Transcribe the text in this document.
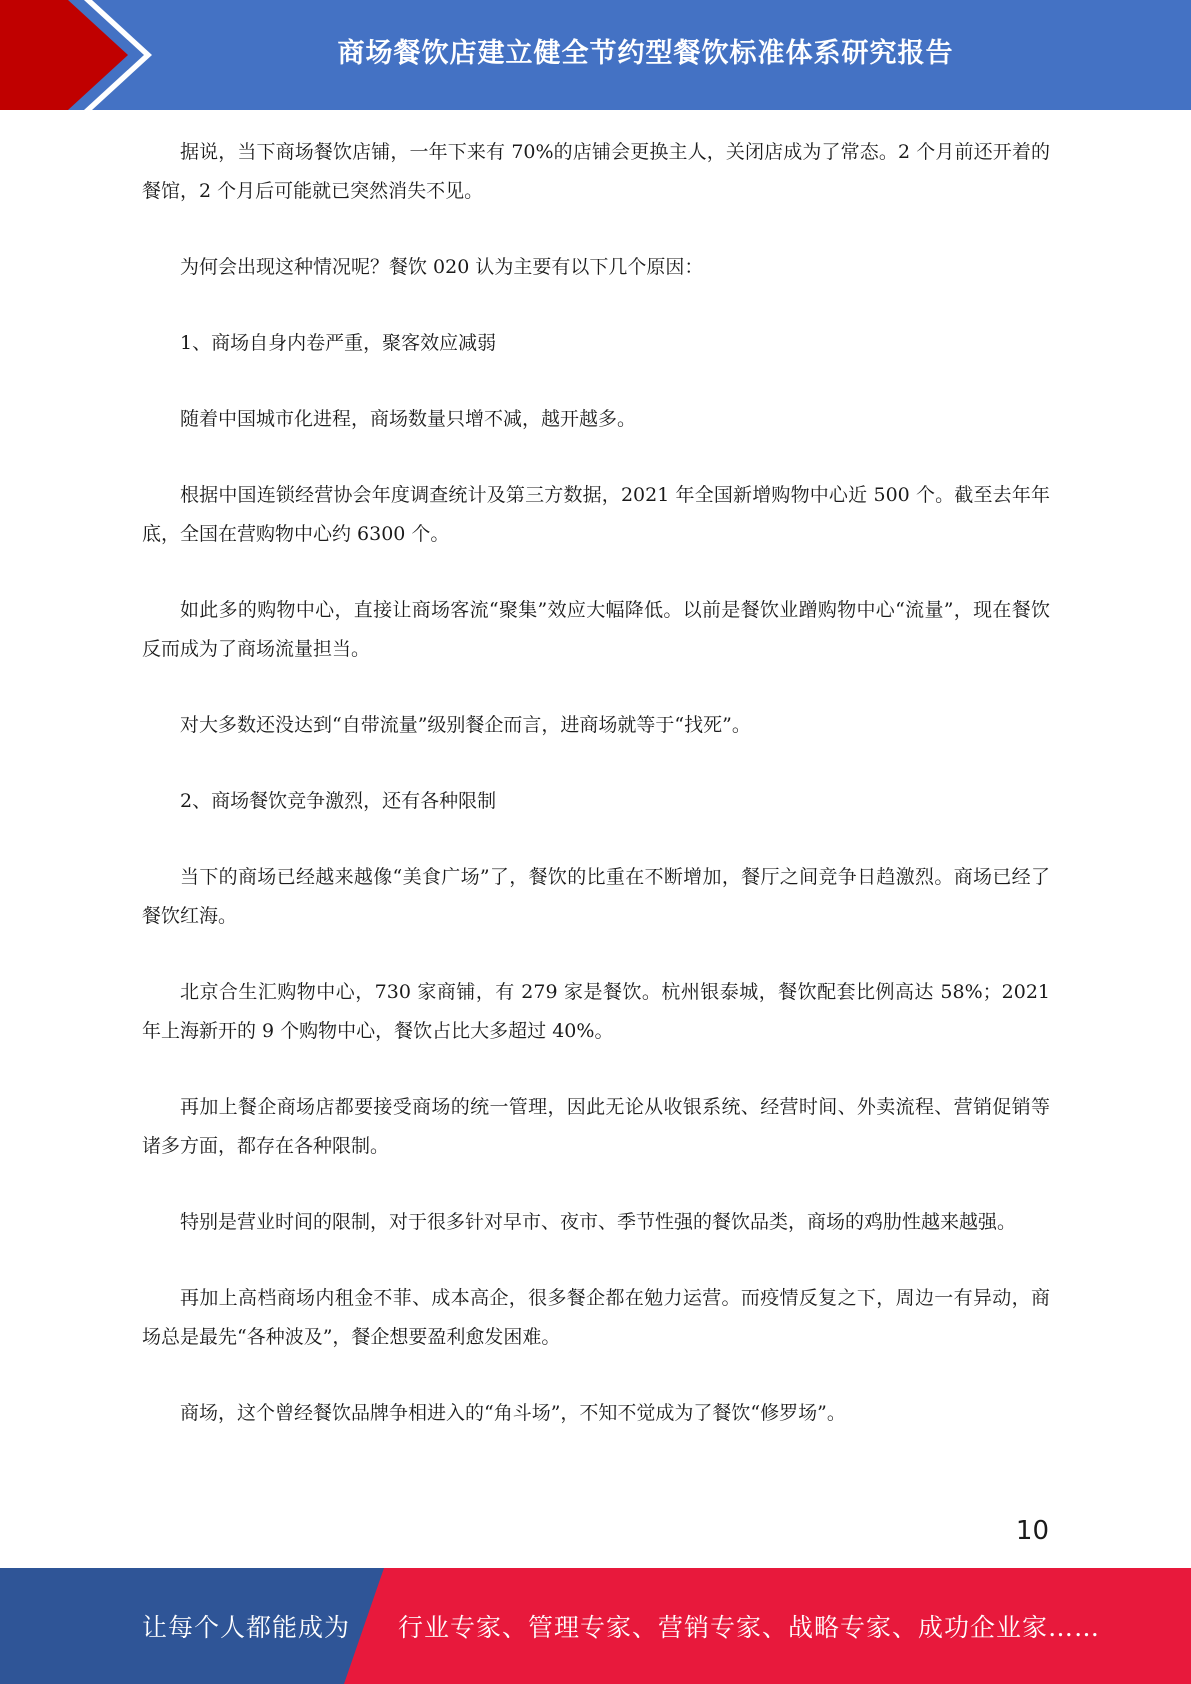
商场餐饮店建立健全节约型餐饮标准体系研究报告

据说，当下商场餐饮店铺，一年下来有 70%的店铺会更换主人，关闭店成为了常态。2 个月前还开着的餐馆，2 个月后可能就已突然消失不见。

为何会出现这种情况呢？餐饮 020 认为主要有以下几个原因：

1、商场自身内卷严重，聚客效应减弱

随着中国城市化进程，商场数量只增不减，越开越多。

根据中国连锁经营协会年度调查统计及第三方数据，2021 年全国新增购物中心近 500 个。截至去年年底，全国在营购物中心约 6300 个。

如此多的购物中心，直接让商场客流“聚集”效应大幅降低。以前是餐饮业蹭购物中心“流量”，现在餐饮反而成为了商场流量担当。

对大多数还没达到“自带流量”级别餐企而言，进商场就等于“找死”。

2、商场餐饮竞争激烈，还有各种限制

当下的商场已经越来越像“美食广场”了，餐饮的比重在不断增加，餐厅之间竞争日趋激烈。商场已经了餐饮红海。

北京合生汇购物中心，730 家商铺，有 279 家是餐饮。杭州银泰城，餐饮配套比例高达 58%；2021 年上海新开的 9 个购物中心，餐饮占比大多超过 40%。

再加上餐企商场店都要接受商场的统一管理，因此无论从收银系统、经营时间、外卖流程、营销促销等诸多方面，都存在各种限制。

特别是营业时间的限制，对于很多针对早市、夜市、季节性强的餐饮品类，商场的鸡肋性越来越强。

再加上高档商场内租金不菲、成本高企，很多餐企都在勉力运营。而疫情反复之下，周边一有异动，商场总是最先“各种波及”，餐企想要盈利愈发困难。

商场，这个曾经餐饮品牌争相进入的“角斗场”，不知不觉成为了餐饮“修罗场”。

10
让每个人都能成为 行业专家、管理专家、营销专家、战略专家、成功企业家……
